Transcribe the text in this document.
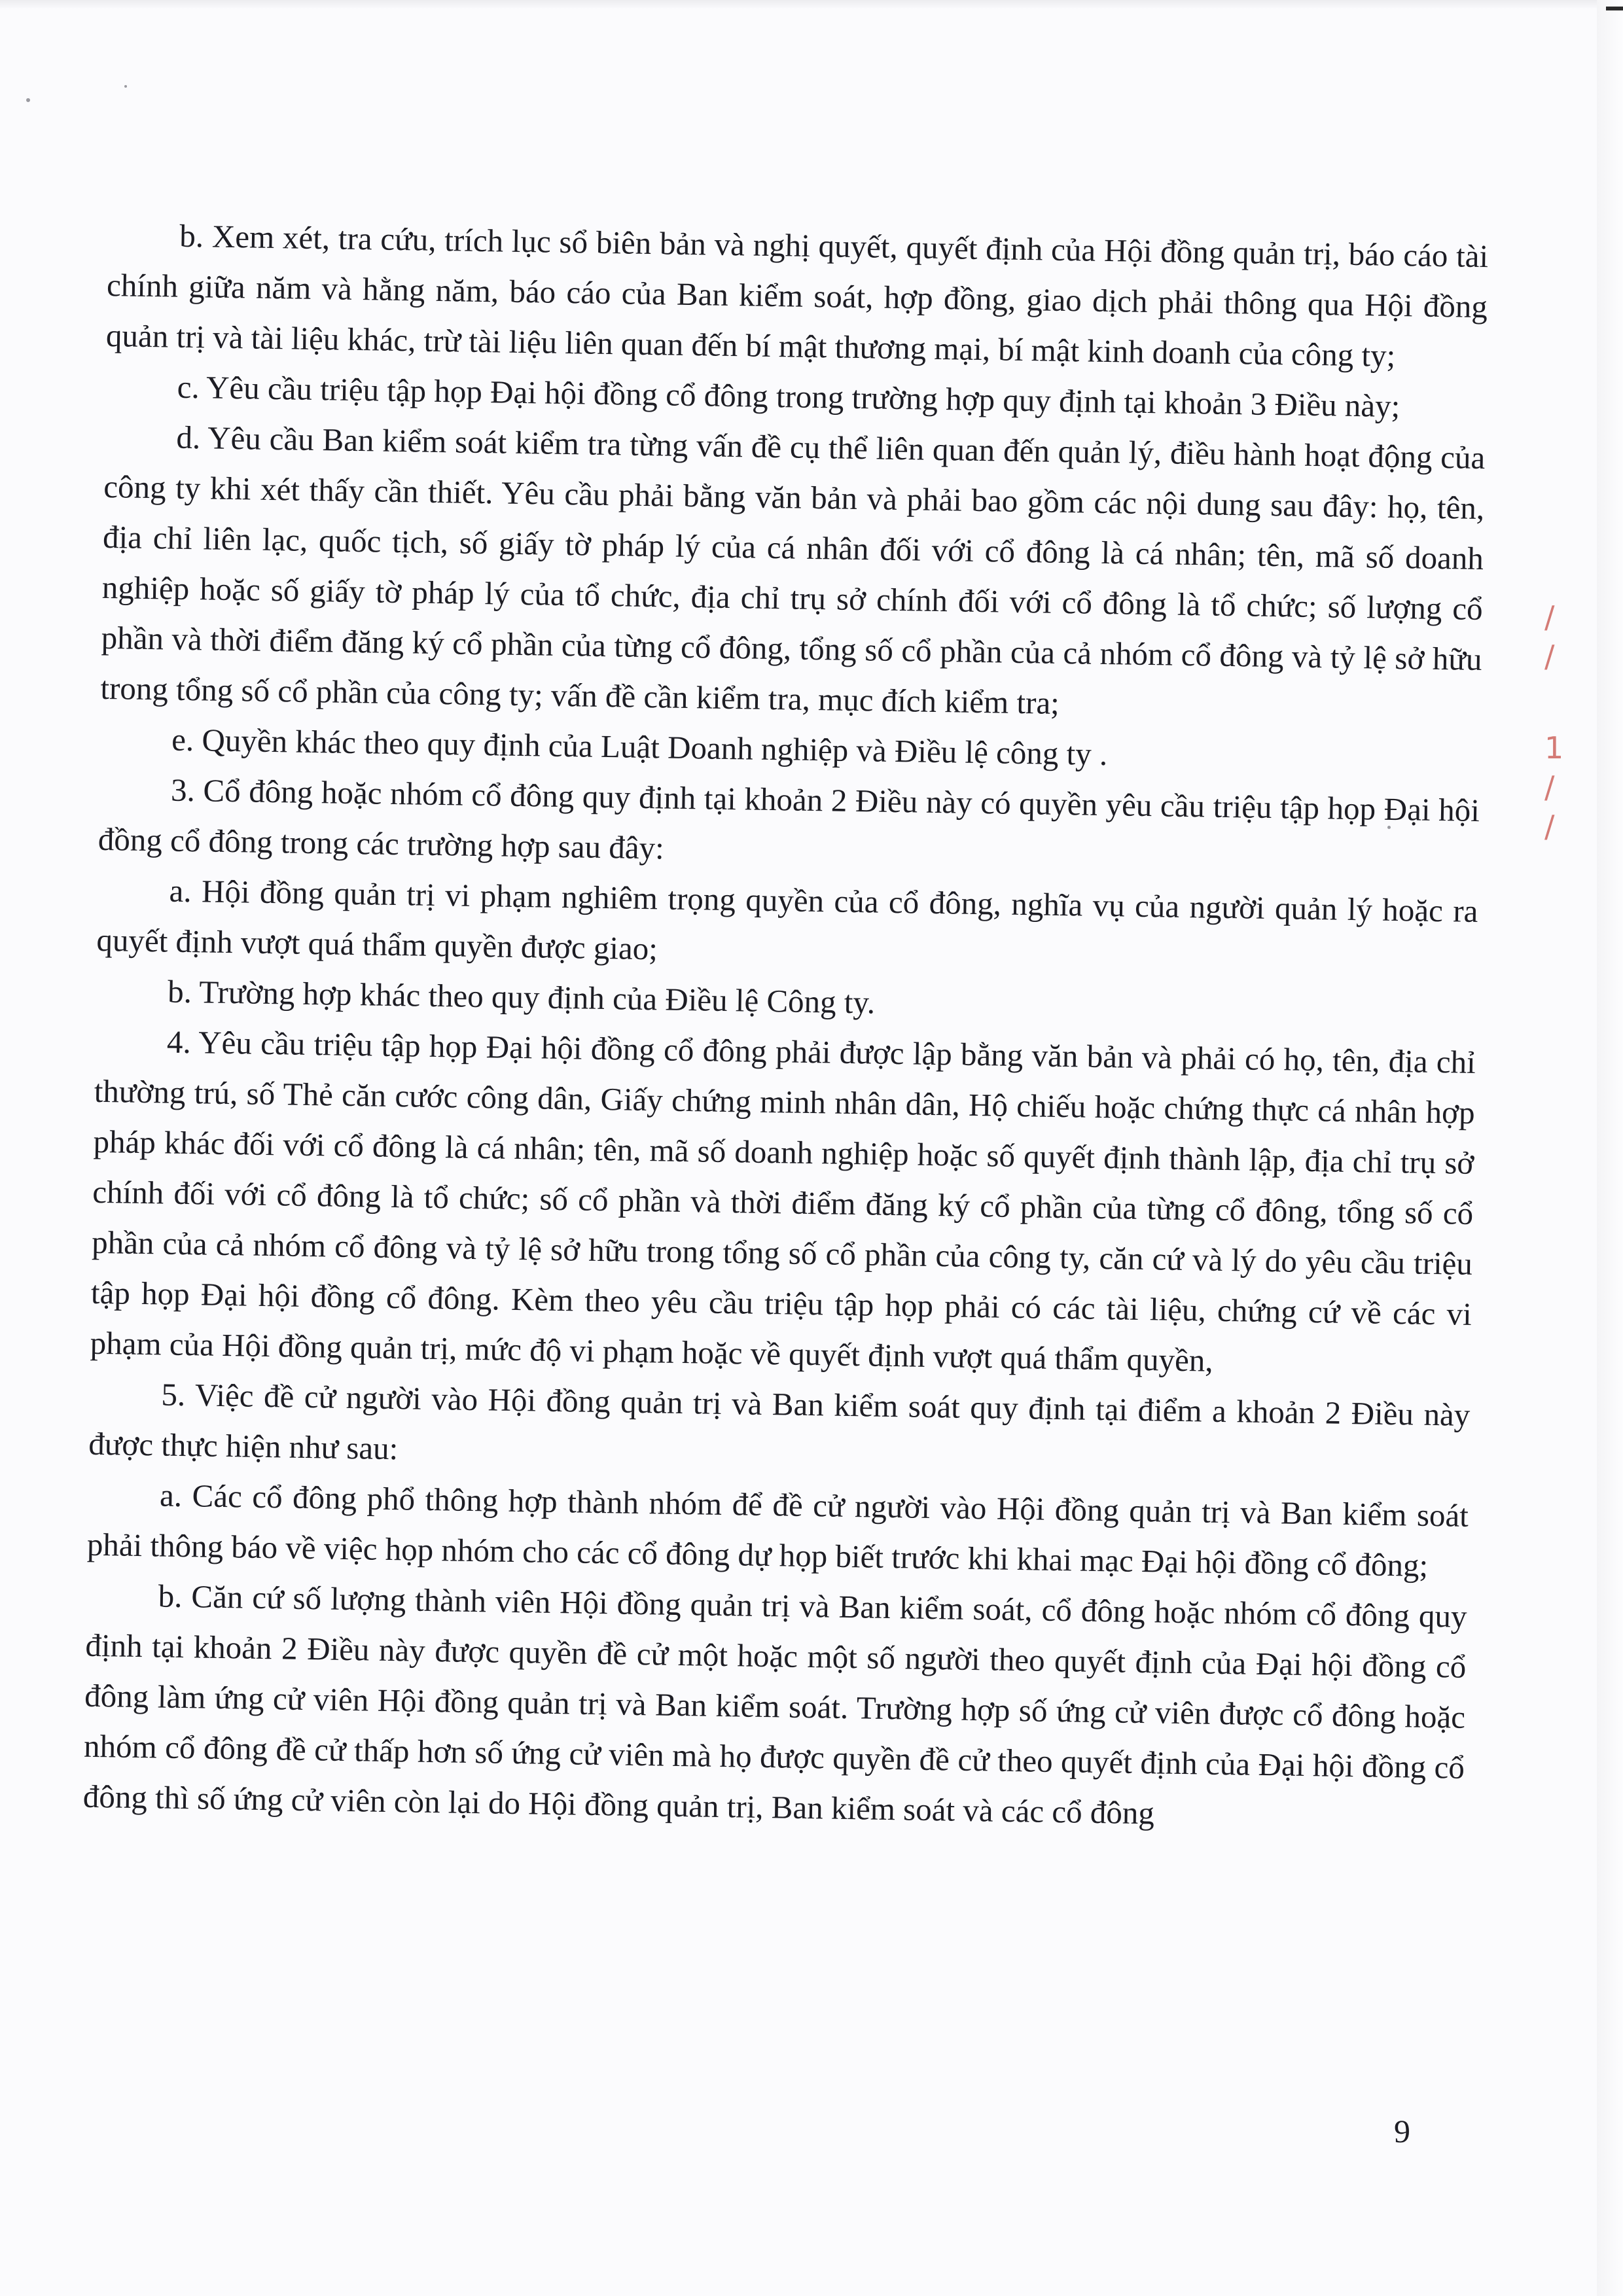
/
/
1
/
/

b. Xem xét, tra cứu, trích lục sổ biên bản và nghị quyết, quyết định của Hội đồng quản trị, báo cáo tài chính giữa năm và hằng năm, báo cáo của Ban kiểm soát, hợp đồng, giao dịch phải thông qua Hội đồng quản trị và tài liệu khác, trừ tài liệu liên quan đến bí mật thương mại, bí mật kinh doanh của công ty;

c. Yêu cầu triệu tập họp Đại hội đồng cổ đông trong trường hợp quy định tại khoản 3 Điều này;

d. Yêu cầu Ban kiểm soát kiểm tra từng vấn đề cụ thể liên quan đến quản lý, điều hành hoạt động của công ty khi xét thấy cần thiết. Yêu cầu phải bằng văn bản và phải bao gồm các nội dung sau đây: họ, tên, địa chỉ liên lạc, quốc tịch, số giấy tờ pháp lý của cá nhân đối với cổ đông là cá nhân; tên, mã số doanh nghiệp hoặc số giấy tờ pháp lý của tổ chức, địa chỉ trụ sở chính đối với cổ đông là tổ chức; số lượng cổ phần và thời điểm đăng ký cổ phần của từng cổ đông, tổng số cổ phần của cả nhóm cổ đông và tỷ lệ sở hữu trong tổng số cổ phần của công ty; vấn đề cần kiểm tra, mục đích kiểm tra;

e. Quyền khác theo quy định của Luật Doanh nghiệp và Điều lệ công ty .

3. Cổ đông hoặc nhóm cổ đông quy định tại khoản 2 Điều này có quyền yêu cầu triệu tập họp Đại hội đồng cổ đông trong các trường hợp sau đây:

a. Hội đồng quản trị vi phạm nghiêm trọng quyền của cổ đông, nghĩa vụ của người quản lý hoặc ra quyết định vượt quá thẩm quyền được giao;

b. Trường hợp khác theo quy định của Điều lệ Công ty.

4. Yêu cầu triệu tập họp Đại hội đồng cổ đông phải được lập bằng văn bản và phải có họ, tên, địa chỉ thường trú, số Thẻ căn cước công dân, Giấy chứng minh nhân dân, Hộ chiếu hoặc chứng thực cá nhân hợp pháp khác đối với cổ đông là cá nhân; tên, mã số doanh nghiệp hoặc số quyết định thành lập, địa chỉ trụ sở chính đối với cổ đông là tổ chức; số cổ phần và thời điểm đăng ký cổ phần của từng cổ đông, tổng số cổ phần của cả nhóm cổ đông và tỷ lệ sở hữu trong tổng số cổ phần của công ty, căn cứ và lý do yêu cầu triệu tập họp Đại hội đồng cổ đông. Kèm theo yêu cầu triệu tập họp phải có các tài liệu, chứng cứ về các vi phạm của Hội đồng quản trị, mức độ vi phạm hoặc về quyết định vượt quá thẩm quyền,

5. Việc đề cử người vào Hội đồng quản trị và Ban kiểm soát quy định tại điểm a khoản 2 Điều này được thực hiện như sau:

a. Các cổ đông phổ thông hợp thành nhóm để đề cử người vào Hội đồng quản trị và Ban kiểm soát phải thông báo về việc họp nhóm cho các cổ đông dự họp biết trước khi khai mạc Đại hội đồng cổ đông;

b. Căn cứ số lượng thành viên Hội đồng quản trị và Ban kiểm soát, cổ đông hoặc nhóm cổ đông quy định tại khoản 2 Điều này được quyền đề cử một hoặc một số người theo quyết định của Đại hội đồng cổ đông làm ứng cử viên Hội đồng quản trị và Ban kiểm soát. Trường hợp số ứng cử viên được cổ đông hoặc nhóm cổ đông đề cử thấp hơn số ứng cử viên mà họ được quyền đề cử theo quyết định của Đại hội đồng cổ đông thì số ứng cử viên còn lại do Hội đồng quản trị, Ban kiểm soát và các cổ đông

9
